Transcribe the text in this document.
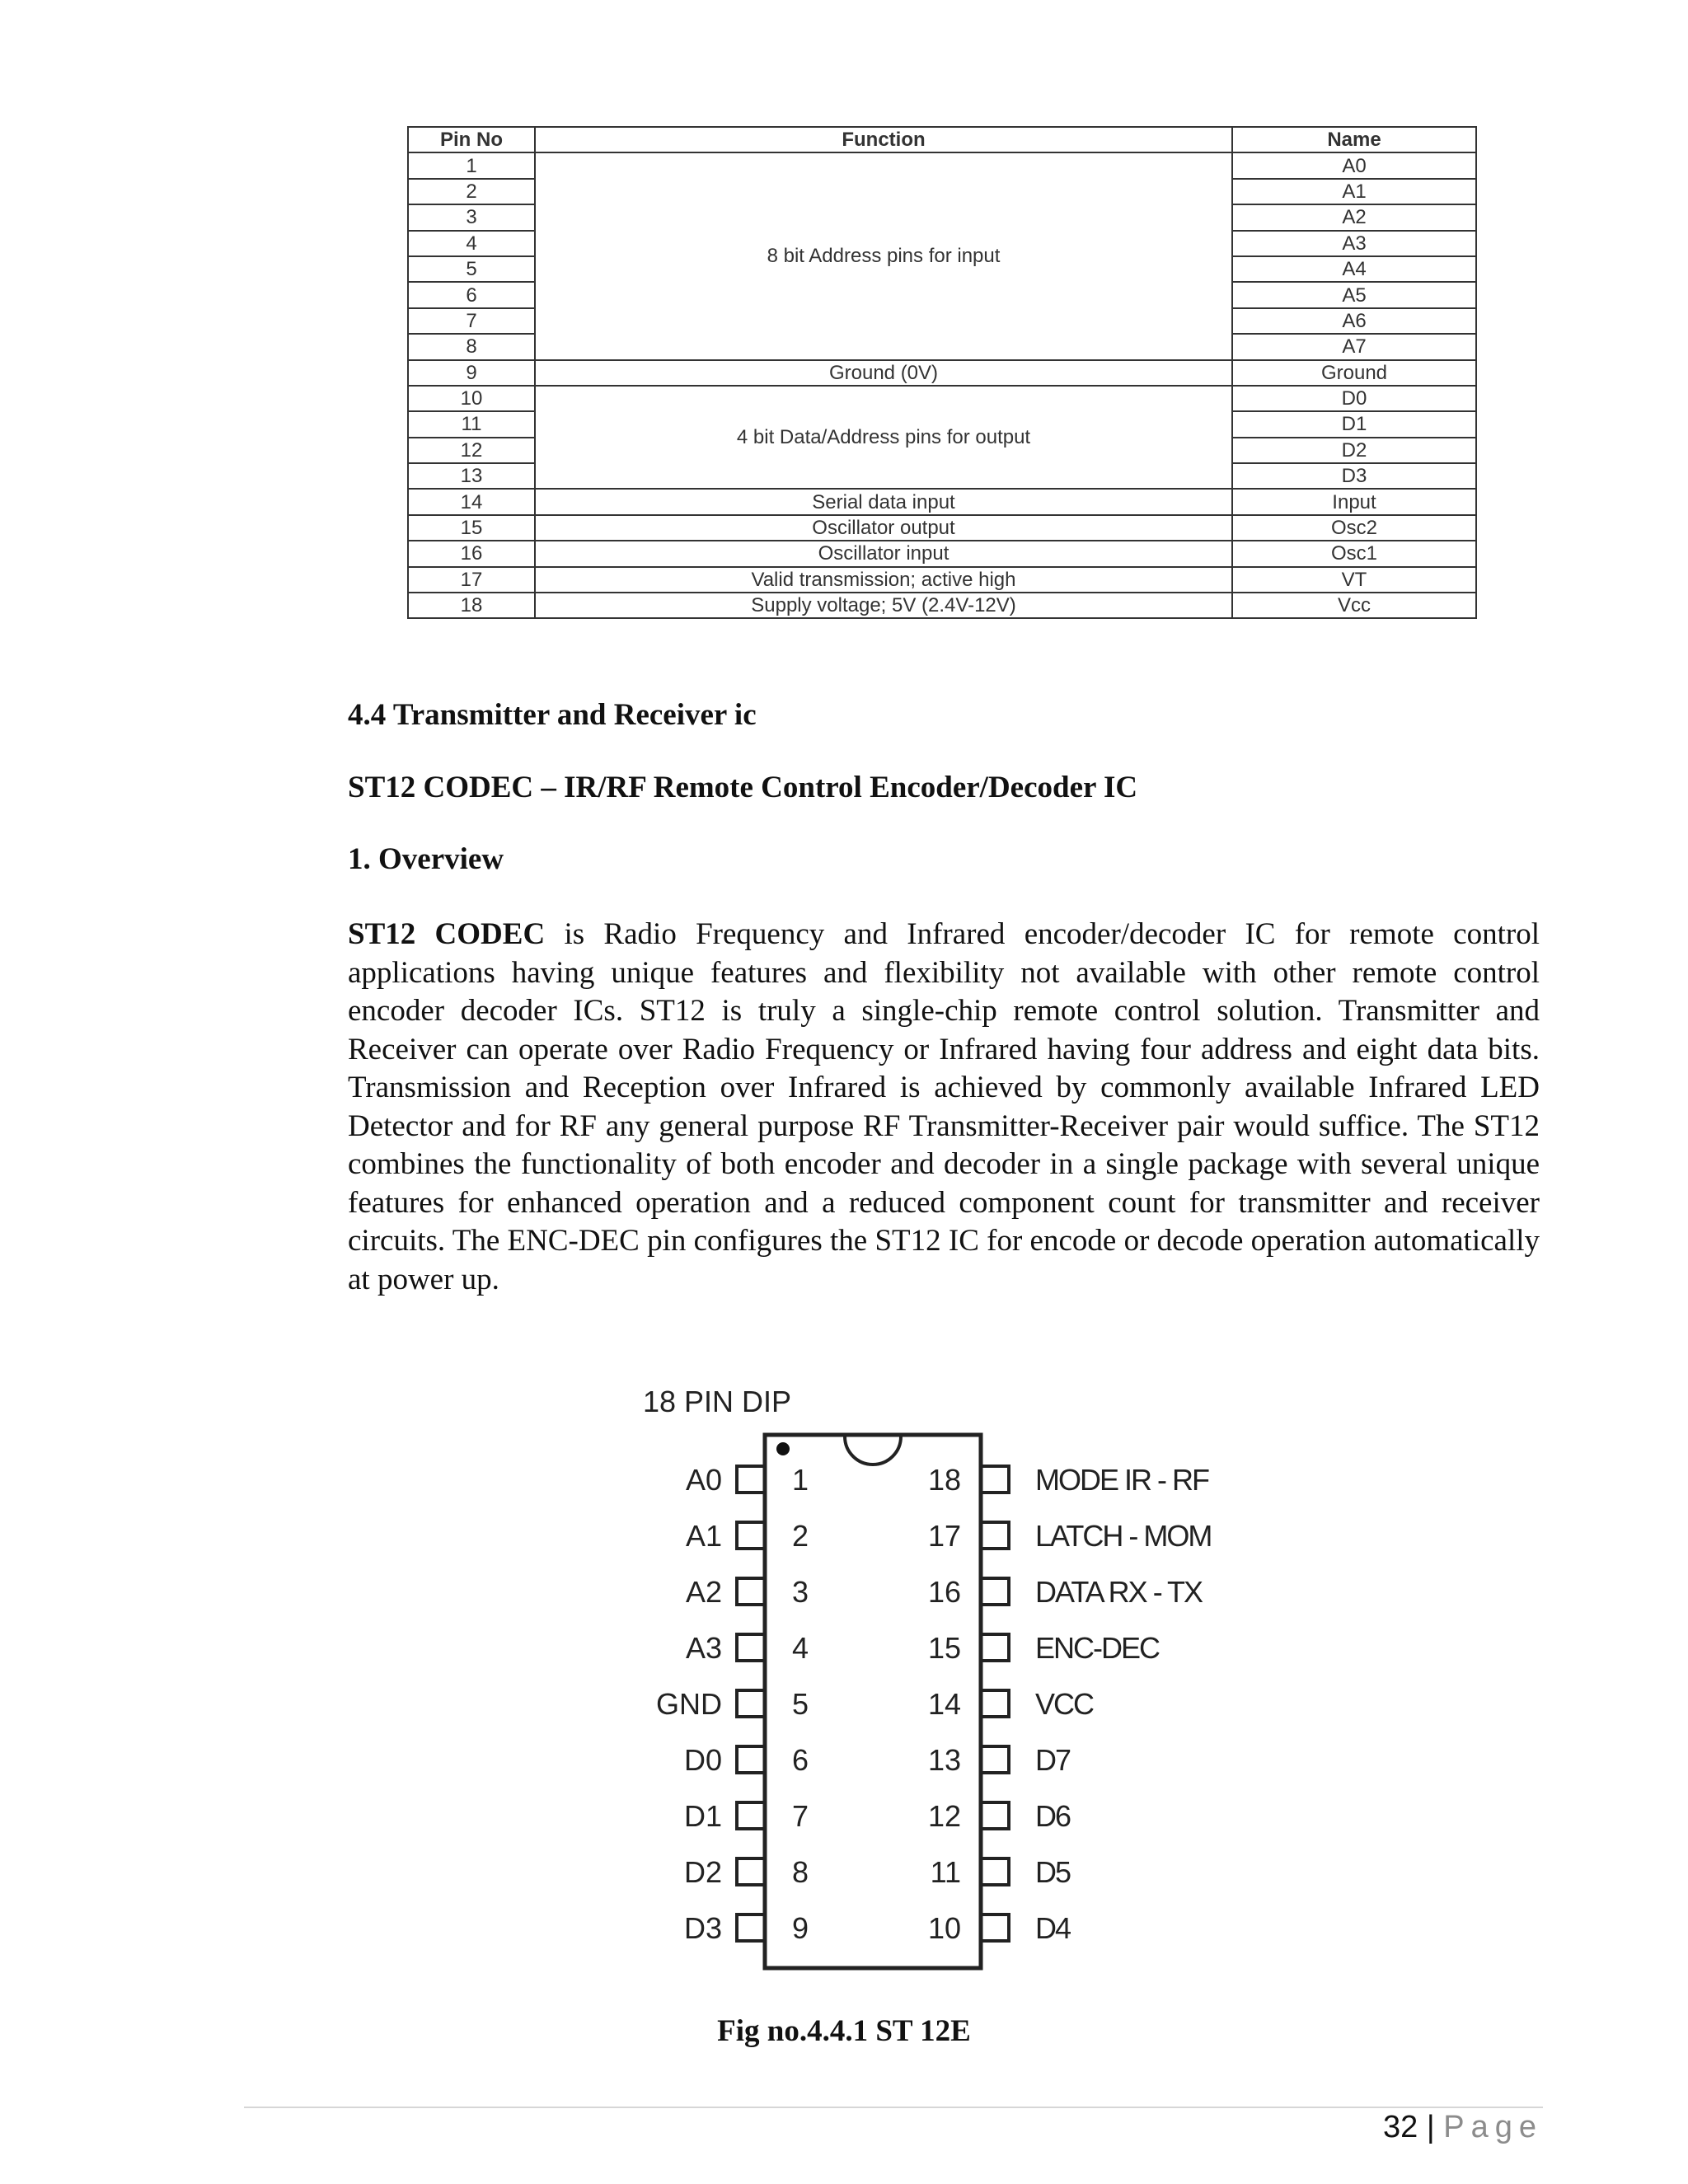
Pin No	Function	Name
1	8 bit Address pins for input	A0
2		A1
3		A2
4		A3
5		A4
6		A5
7		A6
8		A7
9	Ground (0V)	Ground
10	4 bit Data/Address pins for output	D0
11		D1
12		D2
13		D3
14	Serial data input	Input
15	Oscillator output	Osc2
16	Oscillator input	Osc1
17	Valid transmission; active high	VT
18	Supply voltage; 5V (2.4V-12V)	Vcc
4.4 Transmitter and Receiver ic
ST12 CODEC – IR/RF Remote Control Encoder/Decoder IC
1. Overview

ST12 CODEC is Radio Frequency and Infrared encoder/decoder IC for remote control applications having unique features and flexibility not available with other remote control encoder decoder ICs. ST12 is truly a single-chip remote control solution. Transmitter and Receiver can operate over Radio Frequency or Infrared having four address and eight data bits. Transmission and Reception over Infrared is achieved by commonly available Infrared LED Detector and for RF any general purpose RF Transmitter-Receiver pair would suffice. The ST12 combines the functionality of both encoder and decoder in a single package with several unique features for enhanced operation and a reduced component count for transmitter and receiver circuits. The ENC-DEC pin configures the ST12 IC for encode or decode operation automatically at power up.

18 PIN DIP
A0 1
A1 2
A2 3
A3 4
GND 5
D0 6
D1 7
D2 8
D3 9
MODE IR - RF
18
LATCH - MOM
17
DATA RX - TX
16
ENC-DEC
15
VCC
14
D7
13
D6
12
D5
11
D4
10

Fig no.4.4.1 ST 12E

32 | Page
